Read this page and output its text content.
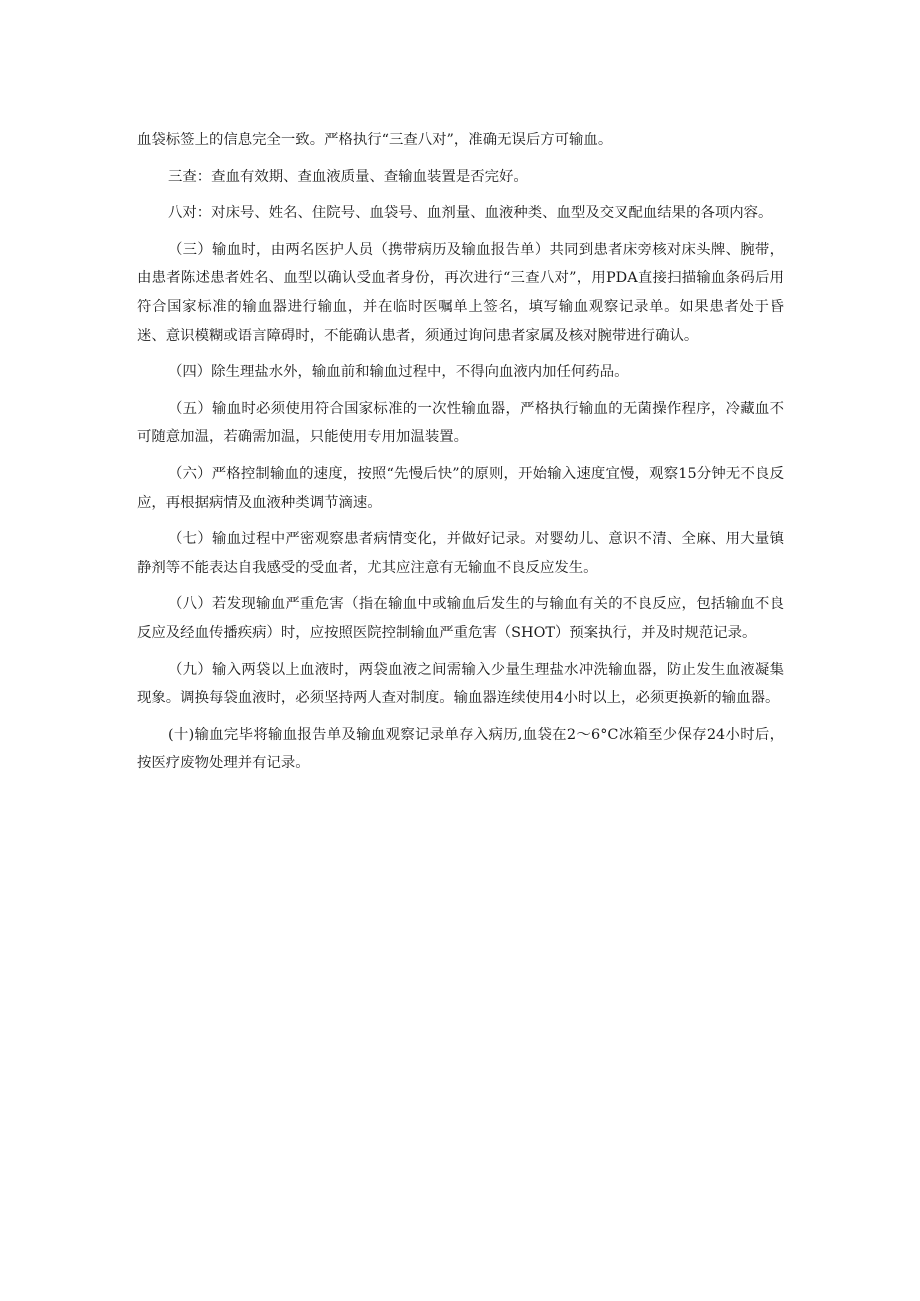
血袋标签上的信息完全一致。严格执行“三查八对”，准确无误后方可输血。

三查：查血有效期、查血液质量、查输血装置是否完好。

八对：对床号、姓名、住院号、血袋号、血剂量、血液种类、血型及交叉配血结果的各项内容。

（三）输血时，由两名医护人员（携带病历及输血报告单）共同到患者床旁核对床头牌、腕带，由患者陈述患者姓名、血型以确认受血者身份，再次进行“三查八对”，用PDA直接扫描输血条码后用符合国家标准的输血器进行输血，并在临时医嘱单上签名，填写输血观察记录单。如果患者处于昏迷、意识模糊或语言障碍时，不能确认患者，须通过询问患者家属及核对腕带进行确认。

（四）除生理盐水外，输血前和输血过程中，不得向血液内加任何药品。

（五）输血时必须使用符合国家标准的一次性输血器，严格执行输血的无菌操作程序，冷藏血不可随意加温，若确需加温，只能使用专用加温装置。

（六）严格控制输血的速度，按照“先慢后快”的原则，开始输入速度宜慢，观察15分钟无不良反应，再根据病情及血液种类调节滴速。

（七）输血过程中严密观察患者病情变化，并做好记录。对婴幼儿、意识不清、全麻、用大量镇静剂等不能表达自我感受的受血者，尤其应注意有无输血不良反应发生。

（八）若发现输血严重危害（指在输血中或输血后发生的与输血有关的不良反应，包括输血不良反应及经血传播疾病）时，应按照医院控制输血严重危害（SHOT）预案执行，并及时规范记录。

（九）输入两袋以上血液时，两袋血液之间需输入少量生理盐水冲洗输血器，防止发生血液凝集现象。调换每袋血液时，必须坚持两人查对制度。输血器连续使用4小时以上，必须更换新的输血器。

(十)输血完毕将输血报告单及输血观察记录单存入病历,血袋在2～6°C冰箱至少保存24小时后，按医疗废物处理并有记录。
